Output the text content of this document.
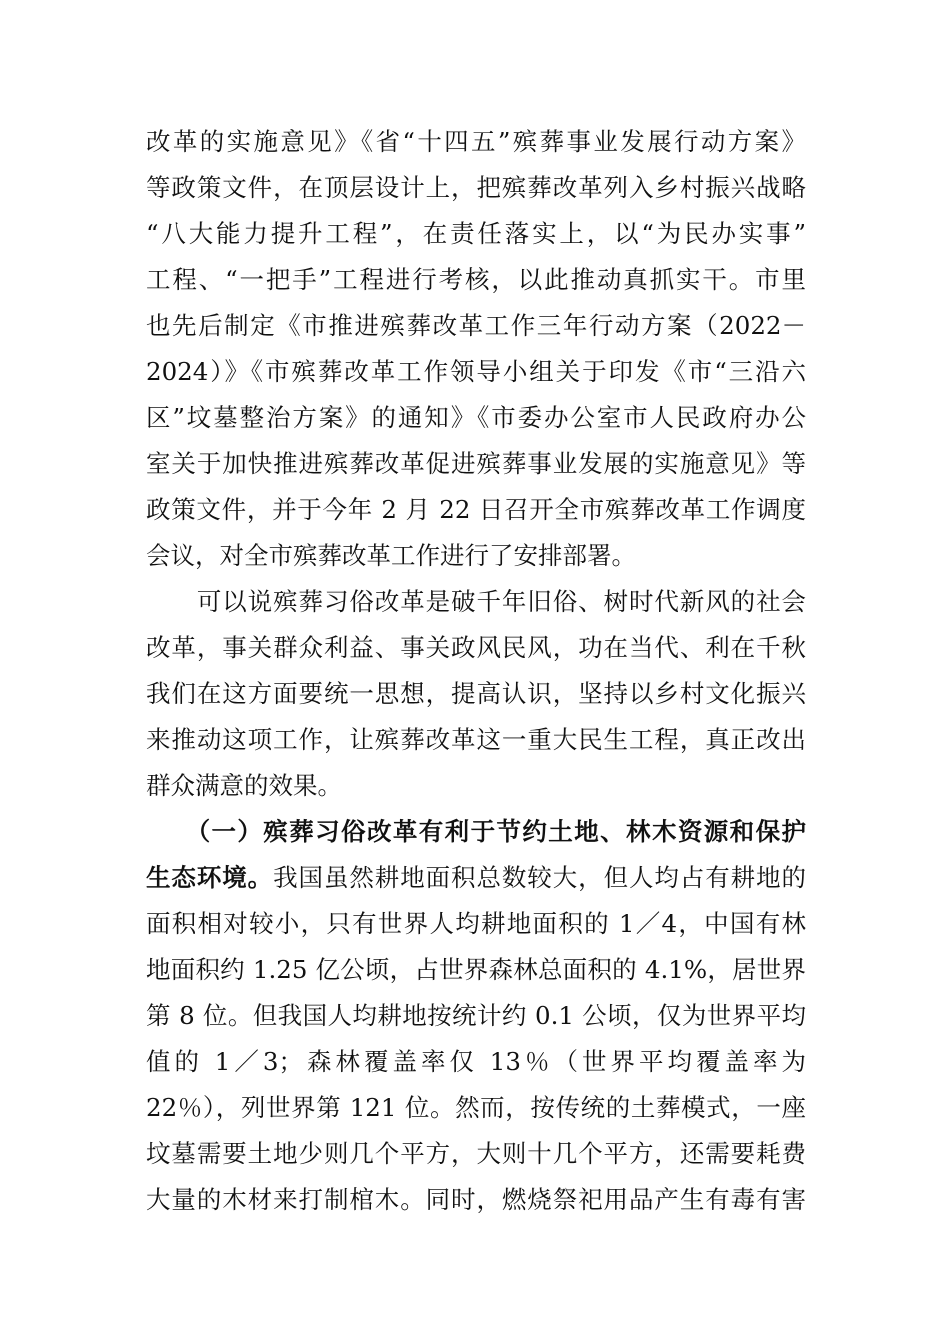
改革的实施意见》《省“十四五”殡葬事业发展行动方案》
等政策文件，在顶层设计上，把殡葬改革列入乡村振兴战略
“八大能力提升工程”，在责任落实上，以“为民办实事”
工程、“一把手”工程进行考核，以此推动真抓实干。市里
也先后制定《市推进殡葬改革工作三年行动方案（2022－
2024）》《市殡葬改革工作领导小组关于印发《市“三沿六
区”坟墓整治方案》的通知》《市委办公室市人民政府办公
室关于加快推进殡葬改革促进殡葬事业发展的实施意见》等
政策文件，并于今年 2 月 22 日召开全市殡葬改革工作调度
会议，对全市殡葬改革工作进行了安排部署。
　　可以说殡葬习俗改革是破千年旧俗、树时代新风的社会
改革，事关群众利益、事关政风民风，功在当代、利在千秋
我们在这方面要统一思想，提高认识，坚持以乡村文化振兴
来推动这项工作，让殡葬改革这一重大民生工程，真正改出
群众满意的效果。
　　（一）殡葬习俗改革有利于节约土地、林木资源和保护
生态环境。我国虽然耕地面积总数较大，但人均占有耕地的
面积相对较小，只有世界人均耕地面积的 1／4，中国有林
地面积约 1.25 亿公顷，占世界森林总面积的 4.1%，居世界
第 8 位。但我国人均耕地按统计约 0.1 公顷，仅为世界平均
值的 1／3；森林覆盖率仅 13％（世界平均覆盖率为
22％），列世界第 121 位。然而，按传统的土葬模式，一座
坟墓需要土地少则几个平方，大则十几个平方，还需要耗费
大量的木材来打制棺木。同时，燃烧祭祀用品产生有毒有害
